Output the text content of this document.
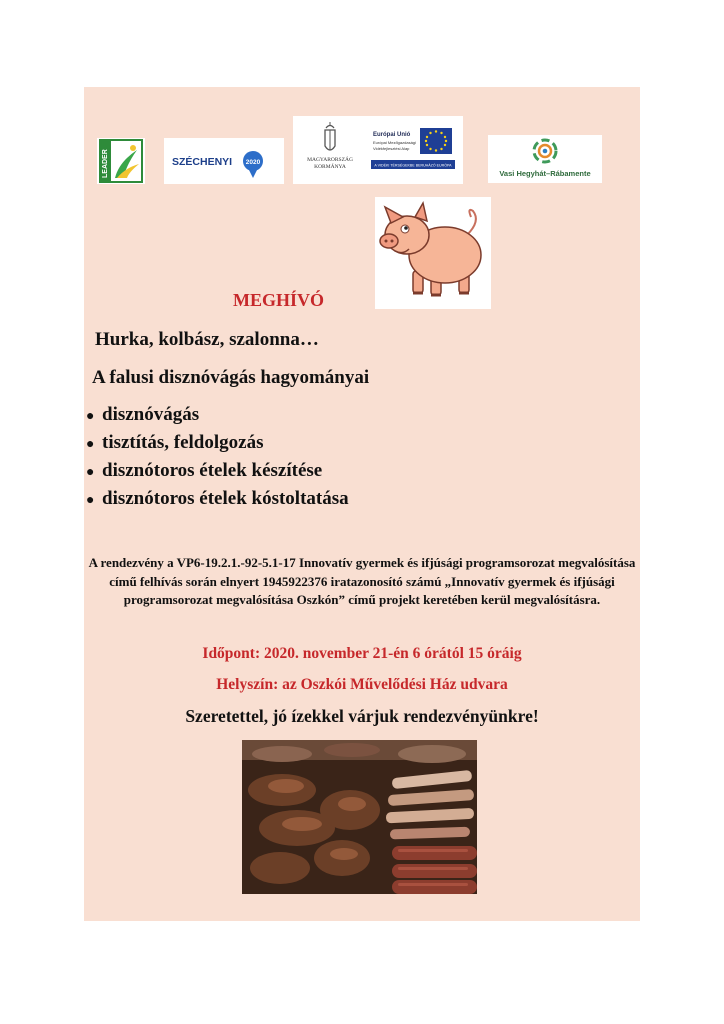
LEADER	SZÉCHENYI 2020	MAGYARORSZÁG
KORMÁNYA
Európai Unió
Európai Mezőgazdasági
Vidékfejlesztési Alap
A VIDÉKI TÉRSÉGEKBE BERUHÁZÓ EURÓPA
Vasi Hegyhát–Rábamente
MEGHÍVÓ
Hurka, kolbász, szalonna…
A falusi disznóvágás hagyományai
● disznóvágás
● tisztítás, feldolgozás
● disznótoros ételek készítése
● disznótoros ételek kóstoltatása
A rendezvény a VP6-19.2.1.-92-5.1-17 Innovatív gyermek és ifjúsági programsorozat megvalósítása című felhívás során elnyert 1945922376 iratazonosító számú „Innovatív gyermek és ifjúsági programsorozat megvalósítása Oszkón” című projekt keretében kerül megvalósításra.
Időpont: 2020. november 21-én 6 órától 15 óráig
Helyszín: az Oszkói Művelődési Ház udvara
Szeretettel, jó ízekkel várjuk rendezvényünkre!
